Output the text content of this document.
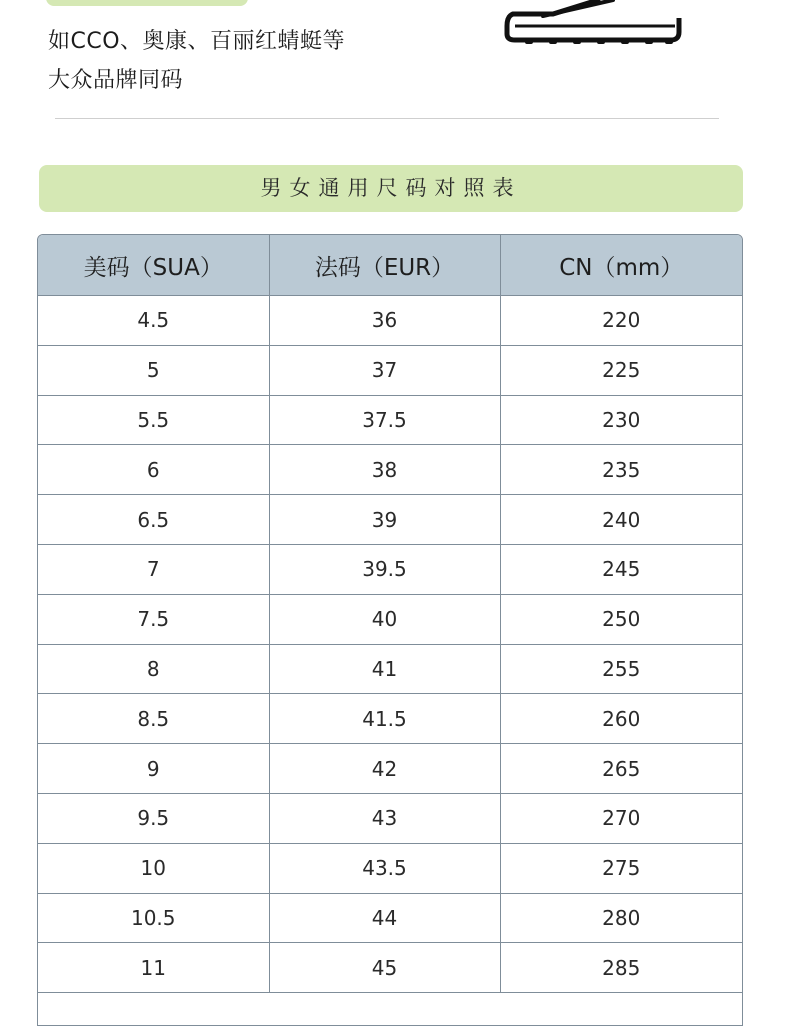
如CCO、奥康、百丽红蜻蜓等
大众品牌同码
男女通用尺码对照表
美码（SUA）	法码（EUR）	CN（mm）
4.5	36	220
5	37	225
5.5	37.5	230
6	38	235
6.5	39	240
7	39.5	245
7.5	40	250
8	41	255
8.5	41.5	260
9	42	265
9.5	43	270
10	43.5	275
10.5	44	280
11	45	285
